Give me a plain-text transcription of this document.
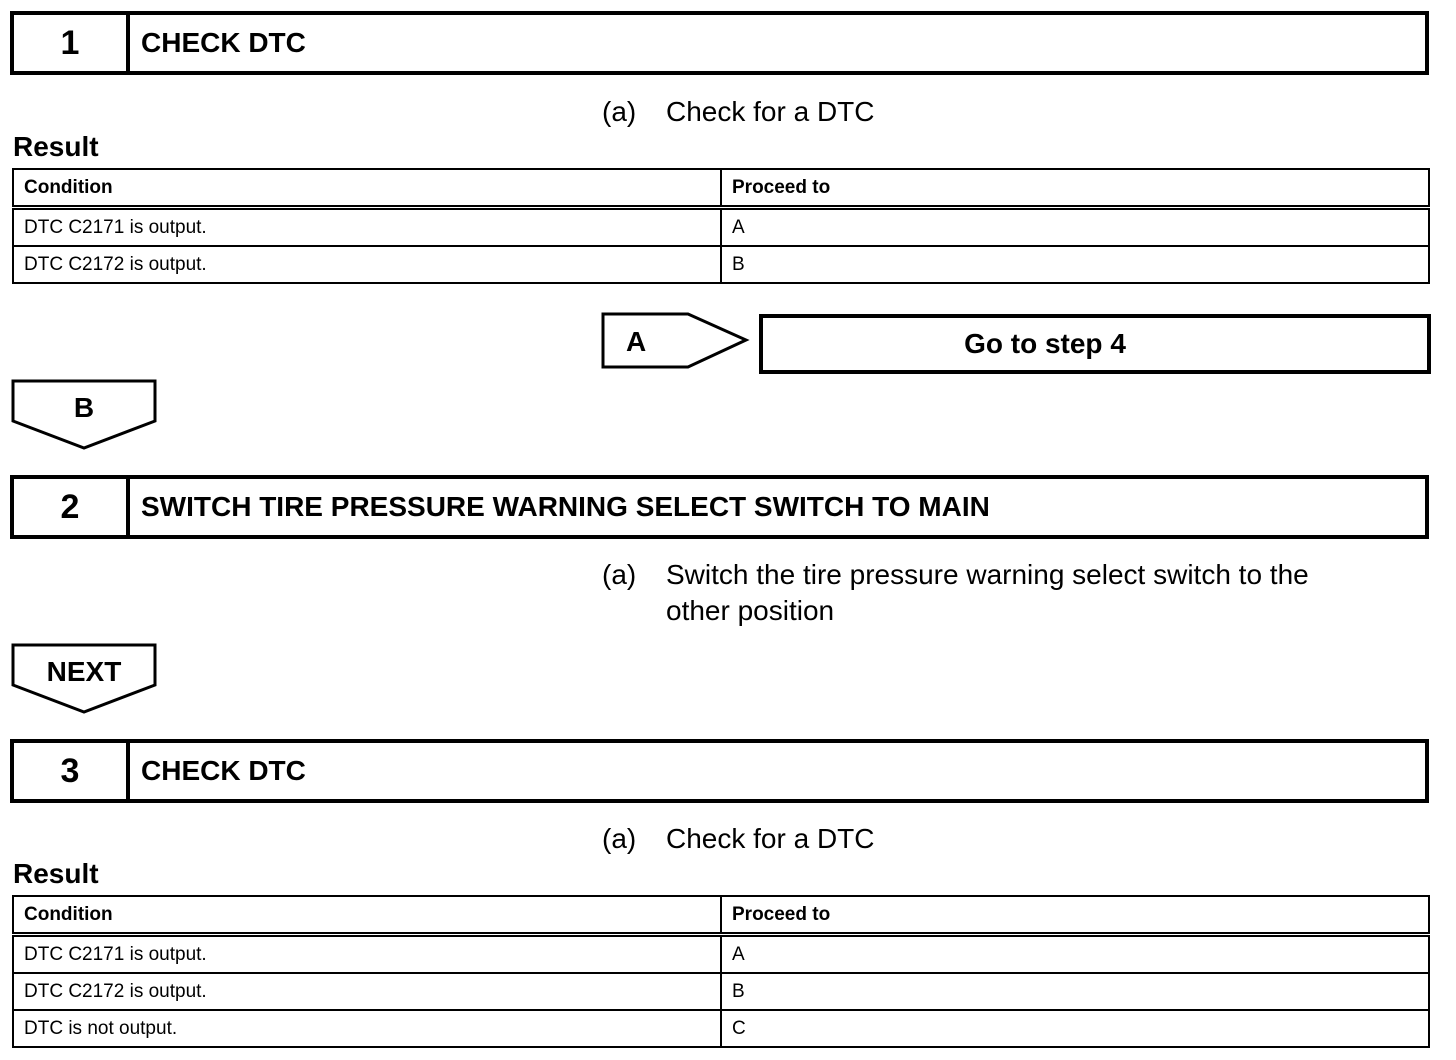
1	CHECK DTC
(a) Check for a DTC
Result
Condition	Proceed to
DTC C2171 is output.	A
DTC C2172 is output.	B
A	Go to step 4
B
2	SWITCH TIRE PRESSURE WARNING SELECT SWITCH TO MAIN
(a) Switch the tire pressure warning select switch to the
other position
NEXT
3	CHECK DTC
(a) Check for a DTC
Result
Condition	Proceed to
DTC C2171 is output.	A
DTC C2172 is output.	B
DTC is not output.	C
